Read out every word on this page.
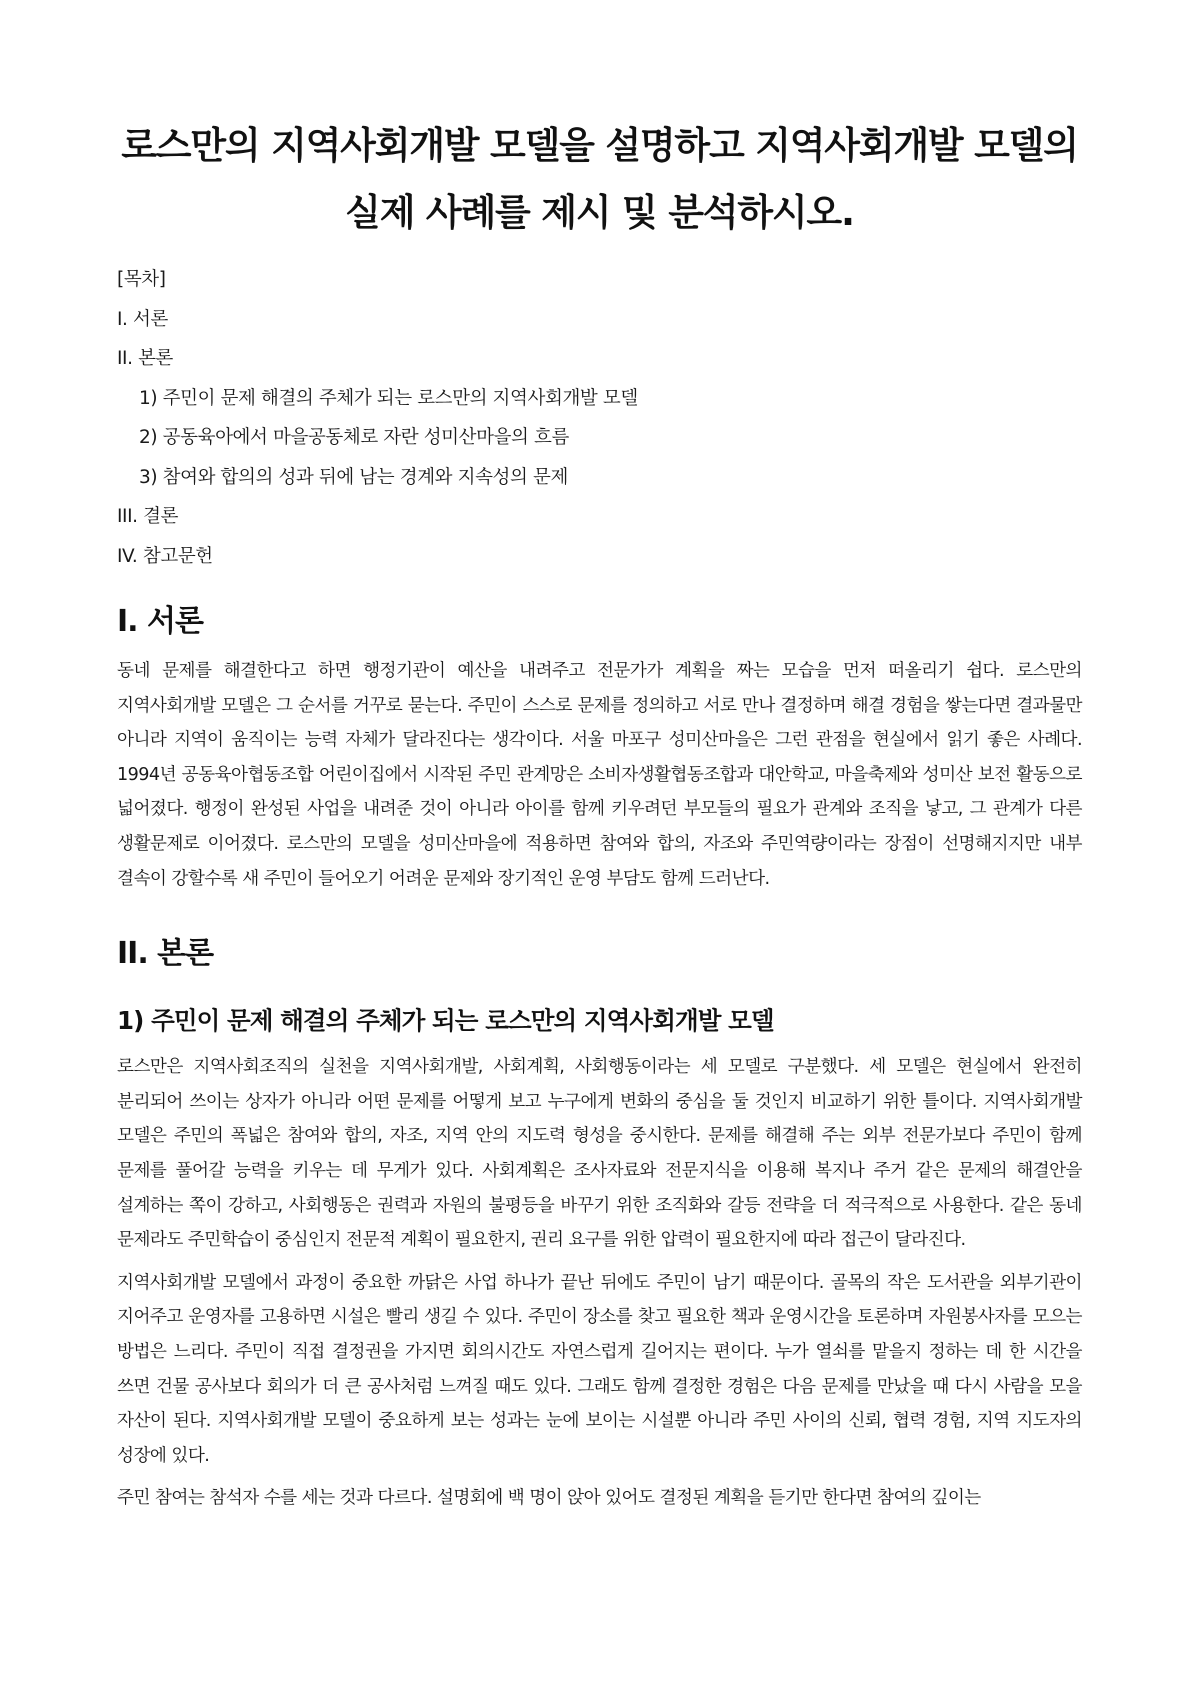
로스만의 지역사회개발 모델을 설명하고 지역사회개발 모델의
실제 사례를 제시 및 분석하시오.
[목차]
I. 서론
II. 본론
1) 주민이 문제 해결의 주체가 되는 로스만의 지역사회개발 모델
2) 공동육아에서 마을공동체로 자란 성미산마을의 흐름
3) 참여와 합의의 성과 뒤에 남는 경계와 지속성의 문제
III. 결론
IV. 참고문헌
I. 서론

동네 문제를 해결한다고 하면 행정기관이 예산을 내려주고 전문가가 계획을 짜는 모습을 먼저 떠올리기 쉽다. 로스만의 지역사회개발 모델은 그 순서를 거꾸로 묻는다. 주민이 스스로 문제를 정의하고 서로 만나 결정하며 해결 경험을 쌓는다면 결과물만 아니라 지역이 움직이는 능력 자체가 달라진다는 생각이다. 서울 마포구 성미산마을은 그런 관점을 현실에서 읽기 좋은 사례다. 1994년 공동육아협동조합 어린이집에서 시작된 주민 관계망은 소비자생활협동조합과 대안학교, 마을축제와 성미산 보전 활동으로 넓어졌다. 행정이 완성된 사업을 내려준 것이 아니라 아이를 함께 키우려던 부모들의 필요가 관계와 조직을 낳고, 그 관계가 다른 생활문제로 이어졌다. 로스만의 모델을 성미산마을에 적용하면 참여와 합의, 자조와 주민역량이라는 장점이 선명해지지만 내부 결속이 강할수록 새 주민이 들어오기 어려운 문제와 장기적인 운영 부담도 함께 드러난다.

II. 본론
1) 주민이 문제 해결의 주체가 되는 로스만의 지역사회개발 모델

로스만은 지역사회조직의 실천을 지역사회개발, 사회계획, 사회행동이라는 세 모델로 구분했다. 세 모델은 현실에서 완전히 분리되어 쓰이는 상자가 아니라 어떤 문제를 어떻게 보고 누구에게 변화의 중심을 둘 것인지 비교하기 위한 틀이다. 지역사회개발 모델은 주민의 폭넓은 참여와 합의, 자조, 지역 안의 지도력 형성을 중시한다. 문제를 해결해 주는 외부 전문가보다 주민이 함께 문제를 풀어갈 능력을 키우는 데 무게가 있다. 사회계획은 조사자료와 전문지식을 이용해 복지나 주거 같은 문제의 해결안을 설계하는 쪽이 강하고, 사회행동은 권력과 자원의 불평등을 바꾸기 위한 조직화와 갈등 전략을 더 적극적으로 사용한다. 같은 동네 문제라도 주민학습이 중심인지 전문적 계획이 필요한지, 권리 요구를 위한 압력이 필요한지에 따라 접근이 달라진다.

지역사회개발 모델에서 과정이 중요한 까닭은 사업 하나가 끝난 뒤에도 주민이 남기 때문이다. 골목의 작은 도서관을 외부기관이 지어주고 운영자를 고용하면 시설은 빨리 생길 수 있다. 주민이 장소를 찾고 필요한 책과 운영시간을 토론하며 자원봉사자를 모으는 방법은 느리다. 주민이 직접 결정권을 가지면 회의시간도 자연스럽게 길어지는 편이다. 누가 열쇠를 맡을지 정하는 데 한 시간을 쓰면 건물 공사보다 회의가 더 큰 공사처럼 느껴질 때도 있다. 그래도 함께 결정한 경험은 다음 문제를 만났을 때 다시 사람을 모을 자산이 된다. 지역사회개발 모델이 중요하게 보는 성과는 눈에 보이는 시설뿐 아니라 주민 사이의 신뢰, 협력 경험, 지역 지도자의 성장에 있다.

주민 참여는 참석자 수를 세는 것과 다르다. 설명회에 백 명이 앉아 있어도 결정된 계획을 듣기만 한다면 참여의 깊이는
